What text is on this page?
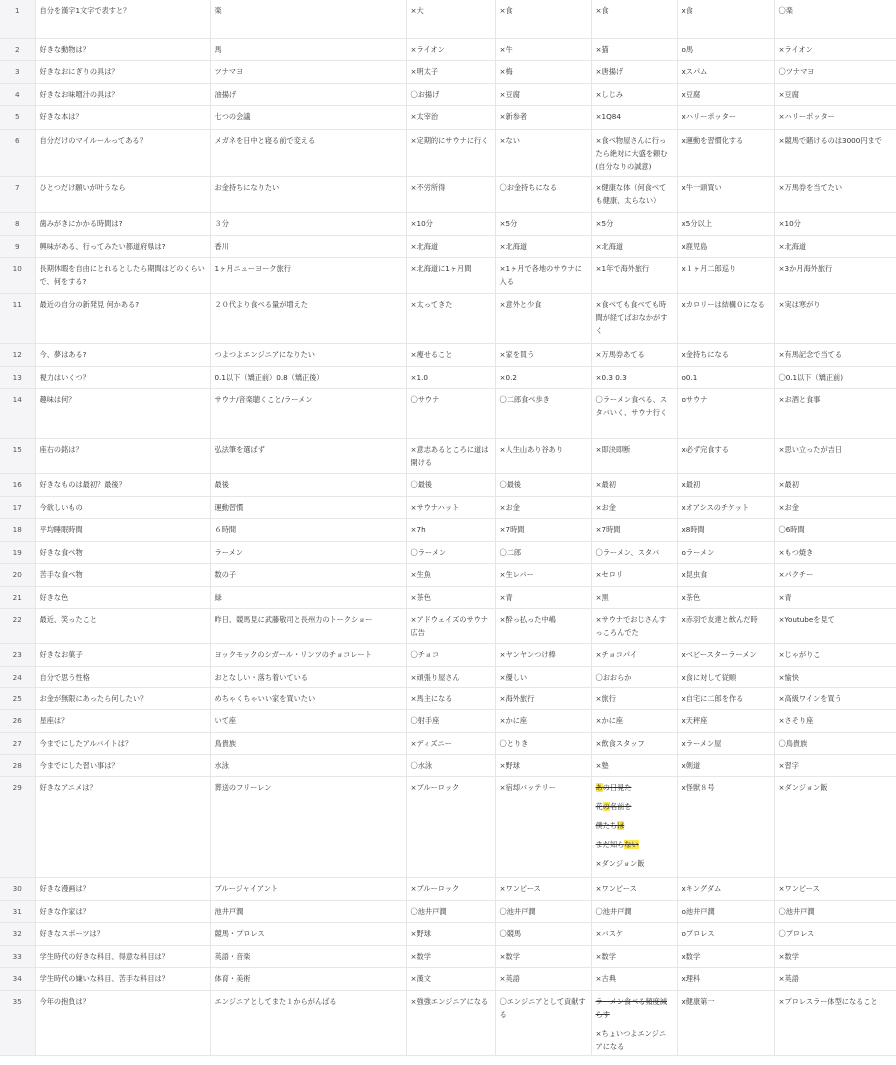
1	自分を漢字1文字で表すと？	楽	×大	×食	×食	x食	〇楽
2	好きな動物は？	馬	×ライオン	×牛	×猫	o馬	×ライオン
3	好きなおにぎりの具は？	ツナマヨ	×明太子	×梅	×唐揚げ	xスパム	〇ツナマヨ
4	好きなお味噌汁の具は？	油揚げ	〇お揚げ	×豆腐	×しじみ	x豆腐	×豆腐
5	好きな本は？	七つの会議	×太宰治	×新参者	×1Q84	xハリーポッター	×ハリーポッター
6	自分だけのマイルールってある？	メガネを日中と寝る前で変える	×定期的にサウナに行く	×ない	×食べ物屋さんに行ったら絶対に大盛を頼む (自分なりの誠意)	x運動を習慣化する	×競馬で賭けるのは3000円まで
7	ひとつだけ願いが叶うなら	お金持ちになりたい	×不労所得	〇お金持ちになる	×健康な体（何食べても健康、太らない）	x牛一頭買い	×万馬券を当てたい
8	歯みがきにかかる時間は?	３分	×10分	×5分	×5分	x5分以上	×10分
9	興味がある、行ってみたい都道府県は?	香川	×北海道	×北海道	×北海道	x鹿児島	×北海道
10	長期休暇を自由にとれるとしたら期間はどのくらいで、何をする?	1ヶ月ニューヨーク旅行	×北海道に1ヶ月間	×1ヶ月で各地のサウナに入る	×1年で海外旅行	x１ヶ月二郎巡り	×3か月海外旅行
11	最近の自分の新発見 何かある?	２０代より食べる量が増えた	×太ってきた	×意外と少食	×食べても食べても時間が経てばおなかがすく	xカロリーは結構０になる	×実は寒がり
12	今、夢はある?	つよつよエンジニアになりたい	×痩せること	×家を買う	×万馬券あてる	x金持ちになる	×有馬記念で当てる
13	視力はいくつ？	0.1以下（矯正前）0.8（矯正後）	×1.0	×0.2	×0.3 0.3	o0.1	〇0.1以下（矯正前)
14	趣味は何？	サウナ/音楽聴くこと/ラーメン	〇サウナ	〇二郎食べ歩き	〇ラーメン食べる、スタバいく、サウナ行く	oサウナ	×お酒と食事
15	座右の銘は？	弘法筆を選ばず	×意志あるところに道は開ける	×人生山あり谷あり	×即決即断	x必ず完食する	×思い立ったが吉日
16	好きなものは最初？最後？	最後	〇最後	〇最後	×最初	x最初	×最初
17	今欲しいもの	運動習慣	×サウナハット	×お金	×お金	xオアシスのチケット	×お金
18	平均睡眠時間	６時間	×7h	×7時間	×7時間	x8時間	〇6時間
19	好きな食べ物	ラーメン	〇ラーメン	〇二郎	〇ラーメン、スタバ	oラーメン	×もつ焼き
20	苦手な食べ物	数の子	×生魚	×生レバー	×セロリ	x昆虫食	×パクチー
21	好きな色	緑	×茶色	×青	×黒	x茶色	×青
22	最近、笑ったこと	昨日、競馬見に武藤敬司と長州力のトークショー	×アドウェイズのサウナ広告	×酔っ払った中嶋	×サウナでおじさんすっころんでた	x赤羽で友達と飲んだ時	×Youtubeを見て
23	好きなお菓子	ヨックモックのシガール・リンツのチョコレート	〇チョコ	×ヤンヤンつけ棒	×チョコパイ	xベビースターラーメン	×じゃがりこ
24	自分で思う性格	おとなしい・落ち着いている	×頑張り屋さん	×優しい	〇おおらか	x食に対して従順	×愉快
25	お金が無限にあったら何したい？	めちゃくちゃいい家を買いたい	×馬主になる	×海外旅行	×旅行	x自宅に二郎を作る	×高級ワインを買う
26	星座は？	いて座	〇射手座	×かに座	×かに座	x天秤座	×さそり座
27	今までにしたアルバイトは？	鳥貴族	×ディズニー	〇とりき	×飲食スタッフ	xラーメン屋	〇鳥貴族
28	今までにした習い事は？	水泳	〇水泳	×野球	×塾	x剣道	×習字
29	好きなアニメは？	葬送のフリーレン	×ブルーロック	×宿却バッテリー	あの日見た
花の名前を
僕たちは
まだ知らない
×ダンジョン飯	x怪獣８号	×ダンジョン飯
30	好きな漫画は？	ブルージャイアント	×ブルーロック	×ワンピース	×ワンピース	xキングダム	×ワンピース
31	好きな作家は？	池井戸潤	〇池井戸潤	〇池井戸潤	〇池井戸潤	o池井戸潤	〇池井戸潤
32	好きなスポーツは？	競馬・プロレス	×野球	〇競馬	×バスケ	oプロレス	〇プロレス
33	学生時代の好きな科目、得意な科目は？	英語・音楽	×数学	×数学	×数学	x数学	×数学
34	学生時代の嫌いな科目、苦手な科目は？	体育・美術	×漢文	×英語	×古典	x理科	×英語
35	今年の抱負は？	エンジニアとしてまた１からがんばる	×強強エンジニアになる	〇エンジニアとして貢献する	ラーメン食べる頻度減らす
×ちょいつよエンジニアになる	x健康第一	×プロレスラー体型になること
